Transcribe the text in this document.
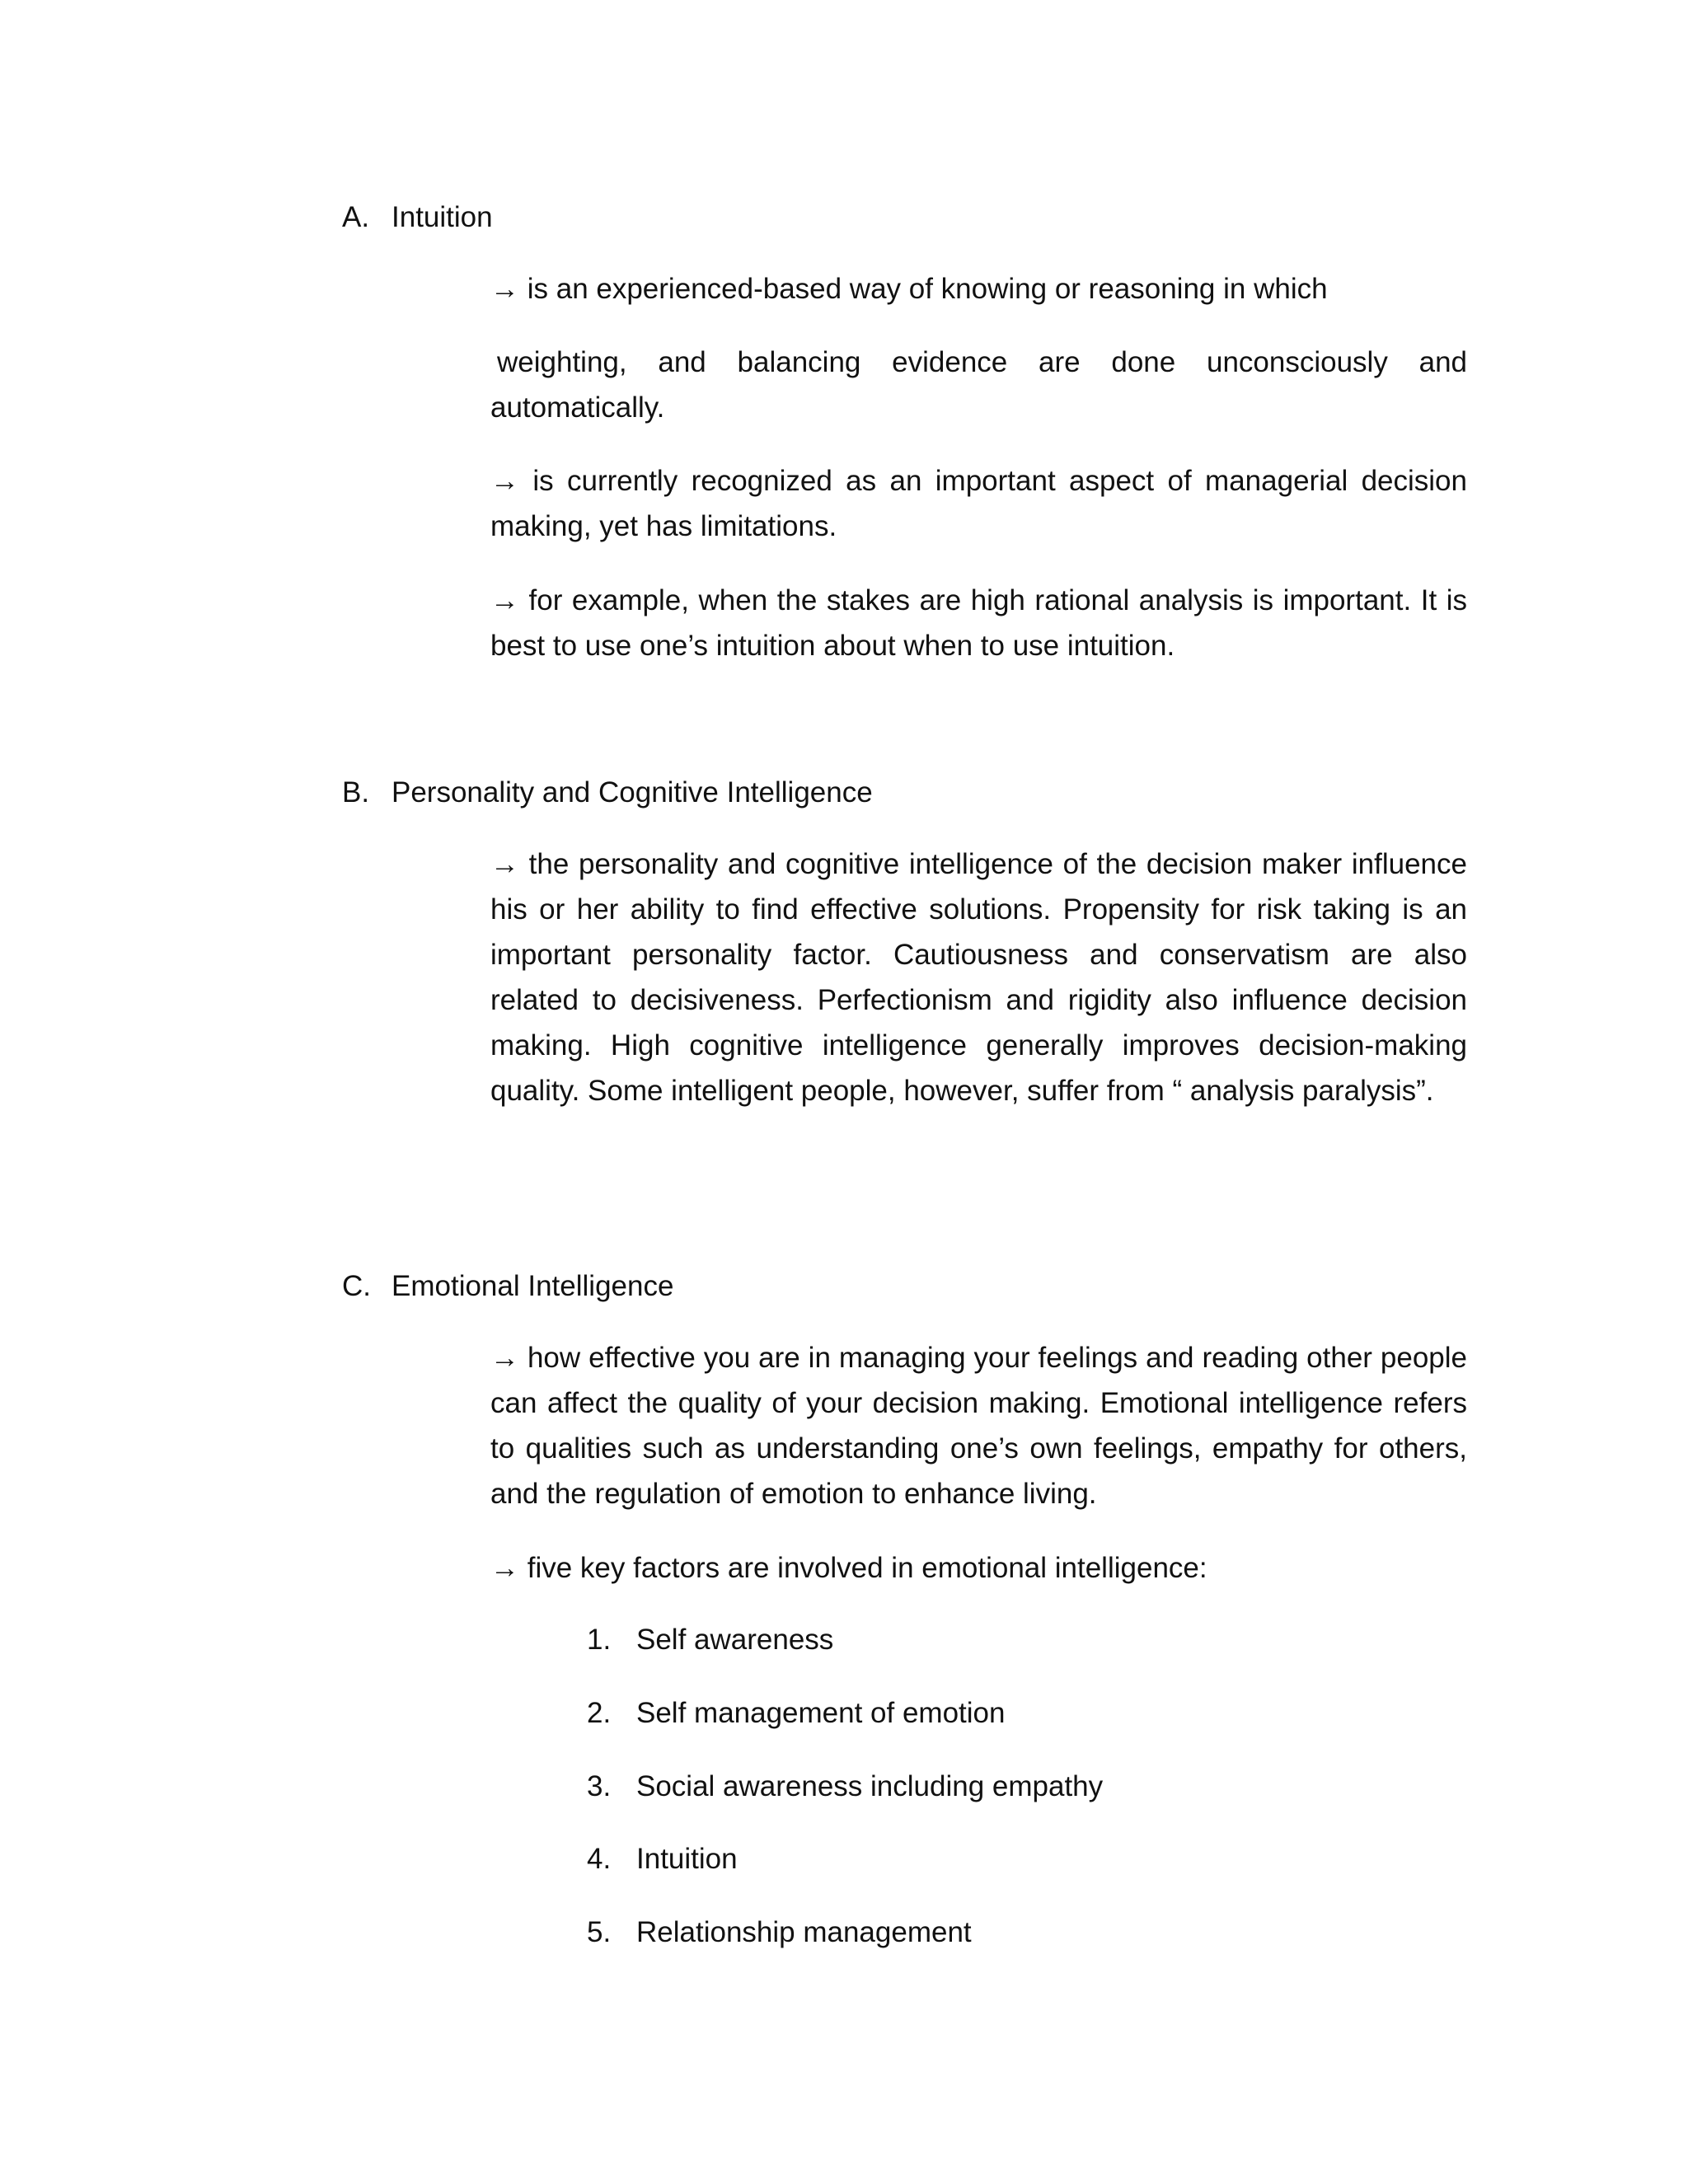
A. Intuition

→ is an experienced-based way of knowing or reasoning in which

weighting, and balancing evidence are done unconsciously and automatically.

→ is currently recognized as an important aspect of managerial decision making, yet has limitations.

→ for example, when the stakes are high rational analysis is important. It is best to use one’s intuition about when to use intuition.

B. Personality and Cognitive Intelligence

→ the personality and cognitive intelligence of the decision maker influence his or her ability to find effective solutions. Propensity for risk taking is an important personality factor. Cautiousness and conservatism are also related to decisiveness. Perfectionism and rigidity also influence decision making. High cognitive intelligence generally improves decision-making quality. Some intelligent people, however, suffer from “ analysis paralysis”.

C. Emotional Intelligence

→ how effective you are in managing your feelings and reading other people can affect the quality of your decision making. Emotional intelligence refers to qualities such as understanding one’s own feelings, empathy for others, and the regulation of emotion to enhance living.

→ five key factors are involved in emotional intelligence:

1. Self awareness
2. Self management of emotion
3. Social awareness including empathy
4. Intuition
5. Relationship management
